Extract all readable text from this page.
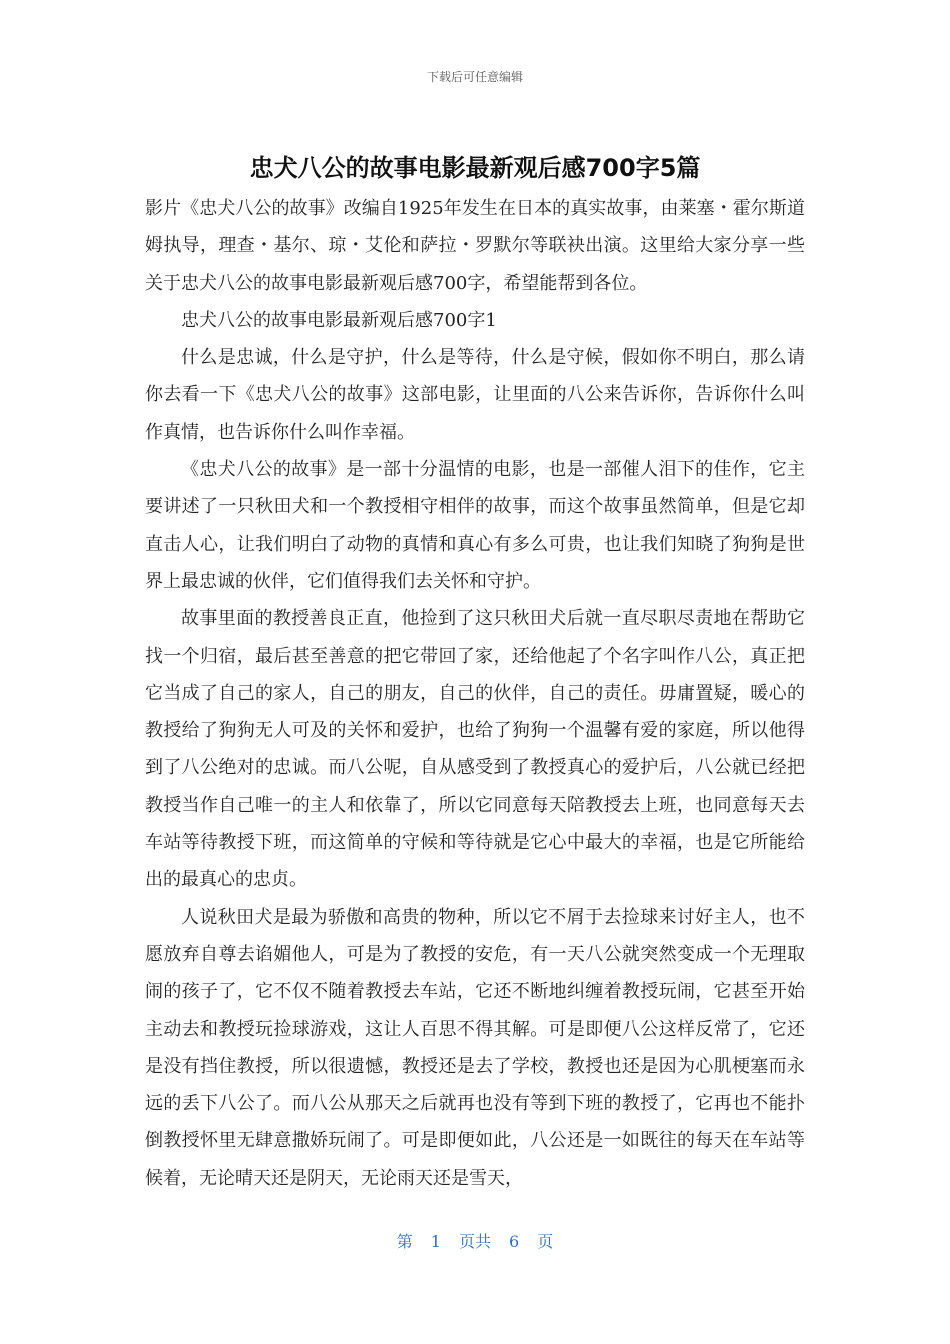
下载后可任意编辑
忠犬八公的故事电影最新观后感700字5篇

影片《忠犬八公的故事》改编自1925年发生在日本的真实故事，由莱塞・霍尔斯道姆执导，理查・基尔、琼・艾伦和萨拉・罗默尔等联袂出演。这里给大家分享一些关于忠犬八公的故事电影最新观后感700字，希望能帮到各位。

忠犬八公的故事电影最新观后感700字1

什么是忠诚，什么是守护，什么是等待，什么是守候，假如你不明白，那么请你去看一下《忠犬八公的故事》这部电影，让里面的八公来告诉你，告诉你什么叫作真情，也告诉你什么叫作幸福。

《忠犬八公的故事》是一部十分温情的电影，也是一部催人泪下的佳作，它主要讲述了一只秋田犬和一个教授相守相伴的故事，而这个故事虽然简单，但是它却直击人心，让我们明白了动物的真情和真心有多么可贵，也让我们知晓了狗狗是世界上最忠诚的伙伴，它们值得我们去关怀和守护。

故事里面的教授善良正直，他捡到了这只秋田犬后就一直尽职尽责地在帮助它找一个归宿，最后甚至善意的把它带回了家，还给他起了个名字叫作八公，真正把它当成了自己的家人，自己的朋友，自己的伙伴，自己的责任。毋庸置疑，暖心的教授给了狗狗无人可及的关怀和爱护，也给了狗狗一个温馨有爱的家庭，所以他得到了八公绝对的忠诚。而八公呢，自从感受到了教授真心的爱护后，八公就已经把教授当作自己唯一的主人和依靠了，所以它同意每天陪教授去上班，也同意每天去车站等待教授下班，而这简单的守候和等待就是它心中最大的幸福，也是它所能给出的最真心的忠贞。

人说秋田犬是最为骄傲和高贵的物种，所以它不屑于去捡球来讨好主人，也不愿放弃自尊去谄媚他人，可是为了教授的安危，有一天八公就突然变成一个无理取闹的孩子了，它不仅不随着教授去车站，它还不断地纠缠着教授玩闹，它甚至开始主动去和教授玩捡球游戏，这让人百思不得其解。可是即便八公这样反常了，它还是没有挡住教授，所以很遗憾，教授还是去了学校，教授也还是因为心肌梗塞而永远的丢下八公了。而八公从那天之后就再也没有等到下班的教授了，它再也不能扑倒教授怀里无肆意撒娇玩闹了。可是即便如此，八公还是一如既往的每天在车站等候着，无论晴天还是阴天，无论雨天还是雪天，

第 1 页共 6 页
